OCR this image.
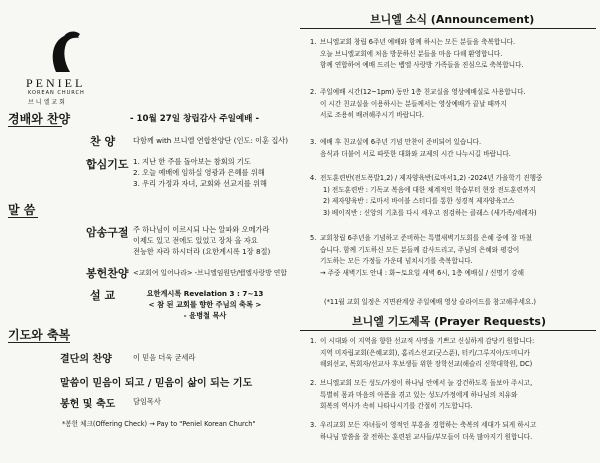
PENIEL
KOREAN CHURCH
브니엘교회
경배와 찬양	- 10월 27일 창립감사 주일예배 -
찬 양 다함께 with 브니엘 연합찬양단 (인도: 이훈 집사)
합심기도 1. 지난 한 주를 돌아보는 참회의 기도
2. 오늘 예배에 임하실 영광과 은혜를 위해
3. 우리 가정과 자녀, 교회와 선교지를 위해
말 씀
암송구절 주 하나님이 이르시되 나는 알파와 오메가라
이제도 있고 전에도 있었고 장차 올 자요
전능한 자라 하시더라 (요한계시록 1장 8절)
봉헌찬양 <교회여 일어나라> -브니엘임원단/뱁엘사랑방 연합
설 교	요한계시록 Revelation 3 : 7~13
< 참 된 교회를 향한 주님의 축복 >
- 윤병철 목사
기도와 축복
결단의 찬양	이 믿음 더욱 굳세라
말씀이 믿음이 되고 / 믿음이 삶이 되는 기도
봉헌 및 축도 담임목사
*봉헌 체크(Offering Check) → Pay to "Peniel Korean Church"
브니엘 소식 (Announcement)
1. 브니엘교회 창립 6주년 예배와 함께 하시는 모든 분들을 축복합니다.
오늘 브니엘교회에 처음 방문하신 분들을 마음 다해 환영합니다.
함께 연합하여 예배 드리는 뱁엘 사랑방 가족들을 진심으로 축복합니다.
2. 주일예배 시간(12~1pm) 동안 1층 친교실을 영상예배실로 사용합니다.
이 시간 친교실을 이용하시는 분들께서는 영상예배가 끝날 때까지
서로 조용히 배려해주시기 바랍니다.
3. 예배 후 친교실에 6주년 기념 만찬이 준비되어 있습니다.
음식과 더불어 서로 따뜻한 대화와 교제의 시간 나누시길 바랍니다.
4. 전도훈련반(전도폭발1,2) / 제자양육반(로마서1,2) -2024년 가을학기 진행중
1) 전도훈련반 : 기독교 복음에 대한 체계적인 학습부터 현장 전도훈련까지
2) 제자양육반 : 로마서 바이블 스터디를 통한 성경적 제자양육코스
3) 베이직반 : 신앙의 기초를 다시 세우고 점검하는 클래스 (새가족/세례자)
5. 교회창립 6주년을 기념하고 준비하는 특별새벽기도회를 은혜 중에 잘 마쳤
습니다. 함께 기도하신 모든 분들께 감사드리고, 주님의 은혜와 평강이
기도하는 모든 가정들 가운데 넘치시기를 축복합니다.
→ 주중 새벽기도 안내 : 화~토요일 새벽 6시, 1층 예배실 / 신명기 강해
(*11월 교회 일정은 지면관계상 주일예배 영상 슬라이드를 참고해주세요.)
브니엘 기도제목 (Prayer Requests)
1. 이 시대와 이 지역을 향한 선교적 사명을 기쁘고 신실하게 감당키 원합니다:
지역 미자립교회(은혜교회), 홈리스선교(굿스푼), 터키/그루지아/도미니카
해외선교, 목회자/선교사 후보생들 위한 장학선교(해슬리 신학대학원, DC)
2. 브니엘교회 모든 성도/가정이 하나님 안에서 늘 강건하도록 돌보아 주시고,
특별히 몸과 마음의 아픔을 겪고 있는 성도/가정에게 하나님의 치유와
회복의 역사가 속히 나타나시기를 간절히 기도합니다.
3. 우리교회 모든 자녀들이 영적인 부흥을 경험하는 축복의 세대가 되게 하시고
하나님 말씀을 잘 전하는 훈련된 교사들/부모들이 더욱 많아지기 원합니다.
